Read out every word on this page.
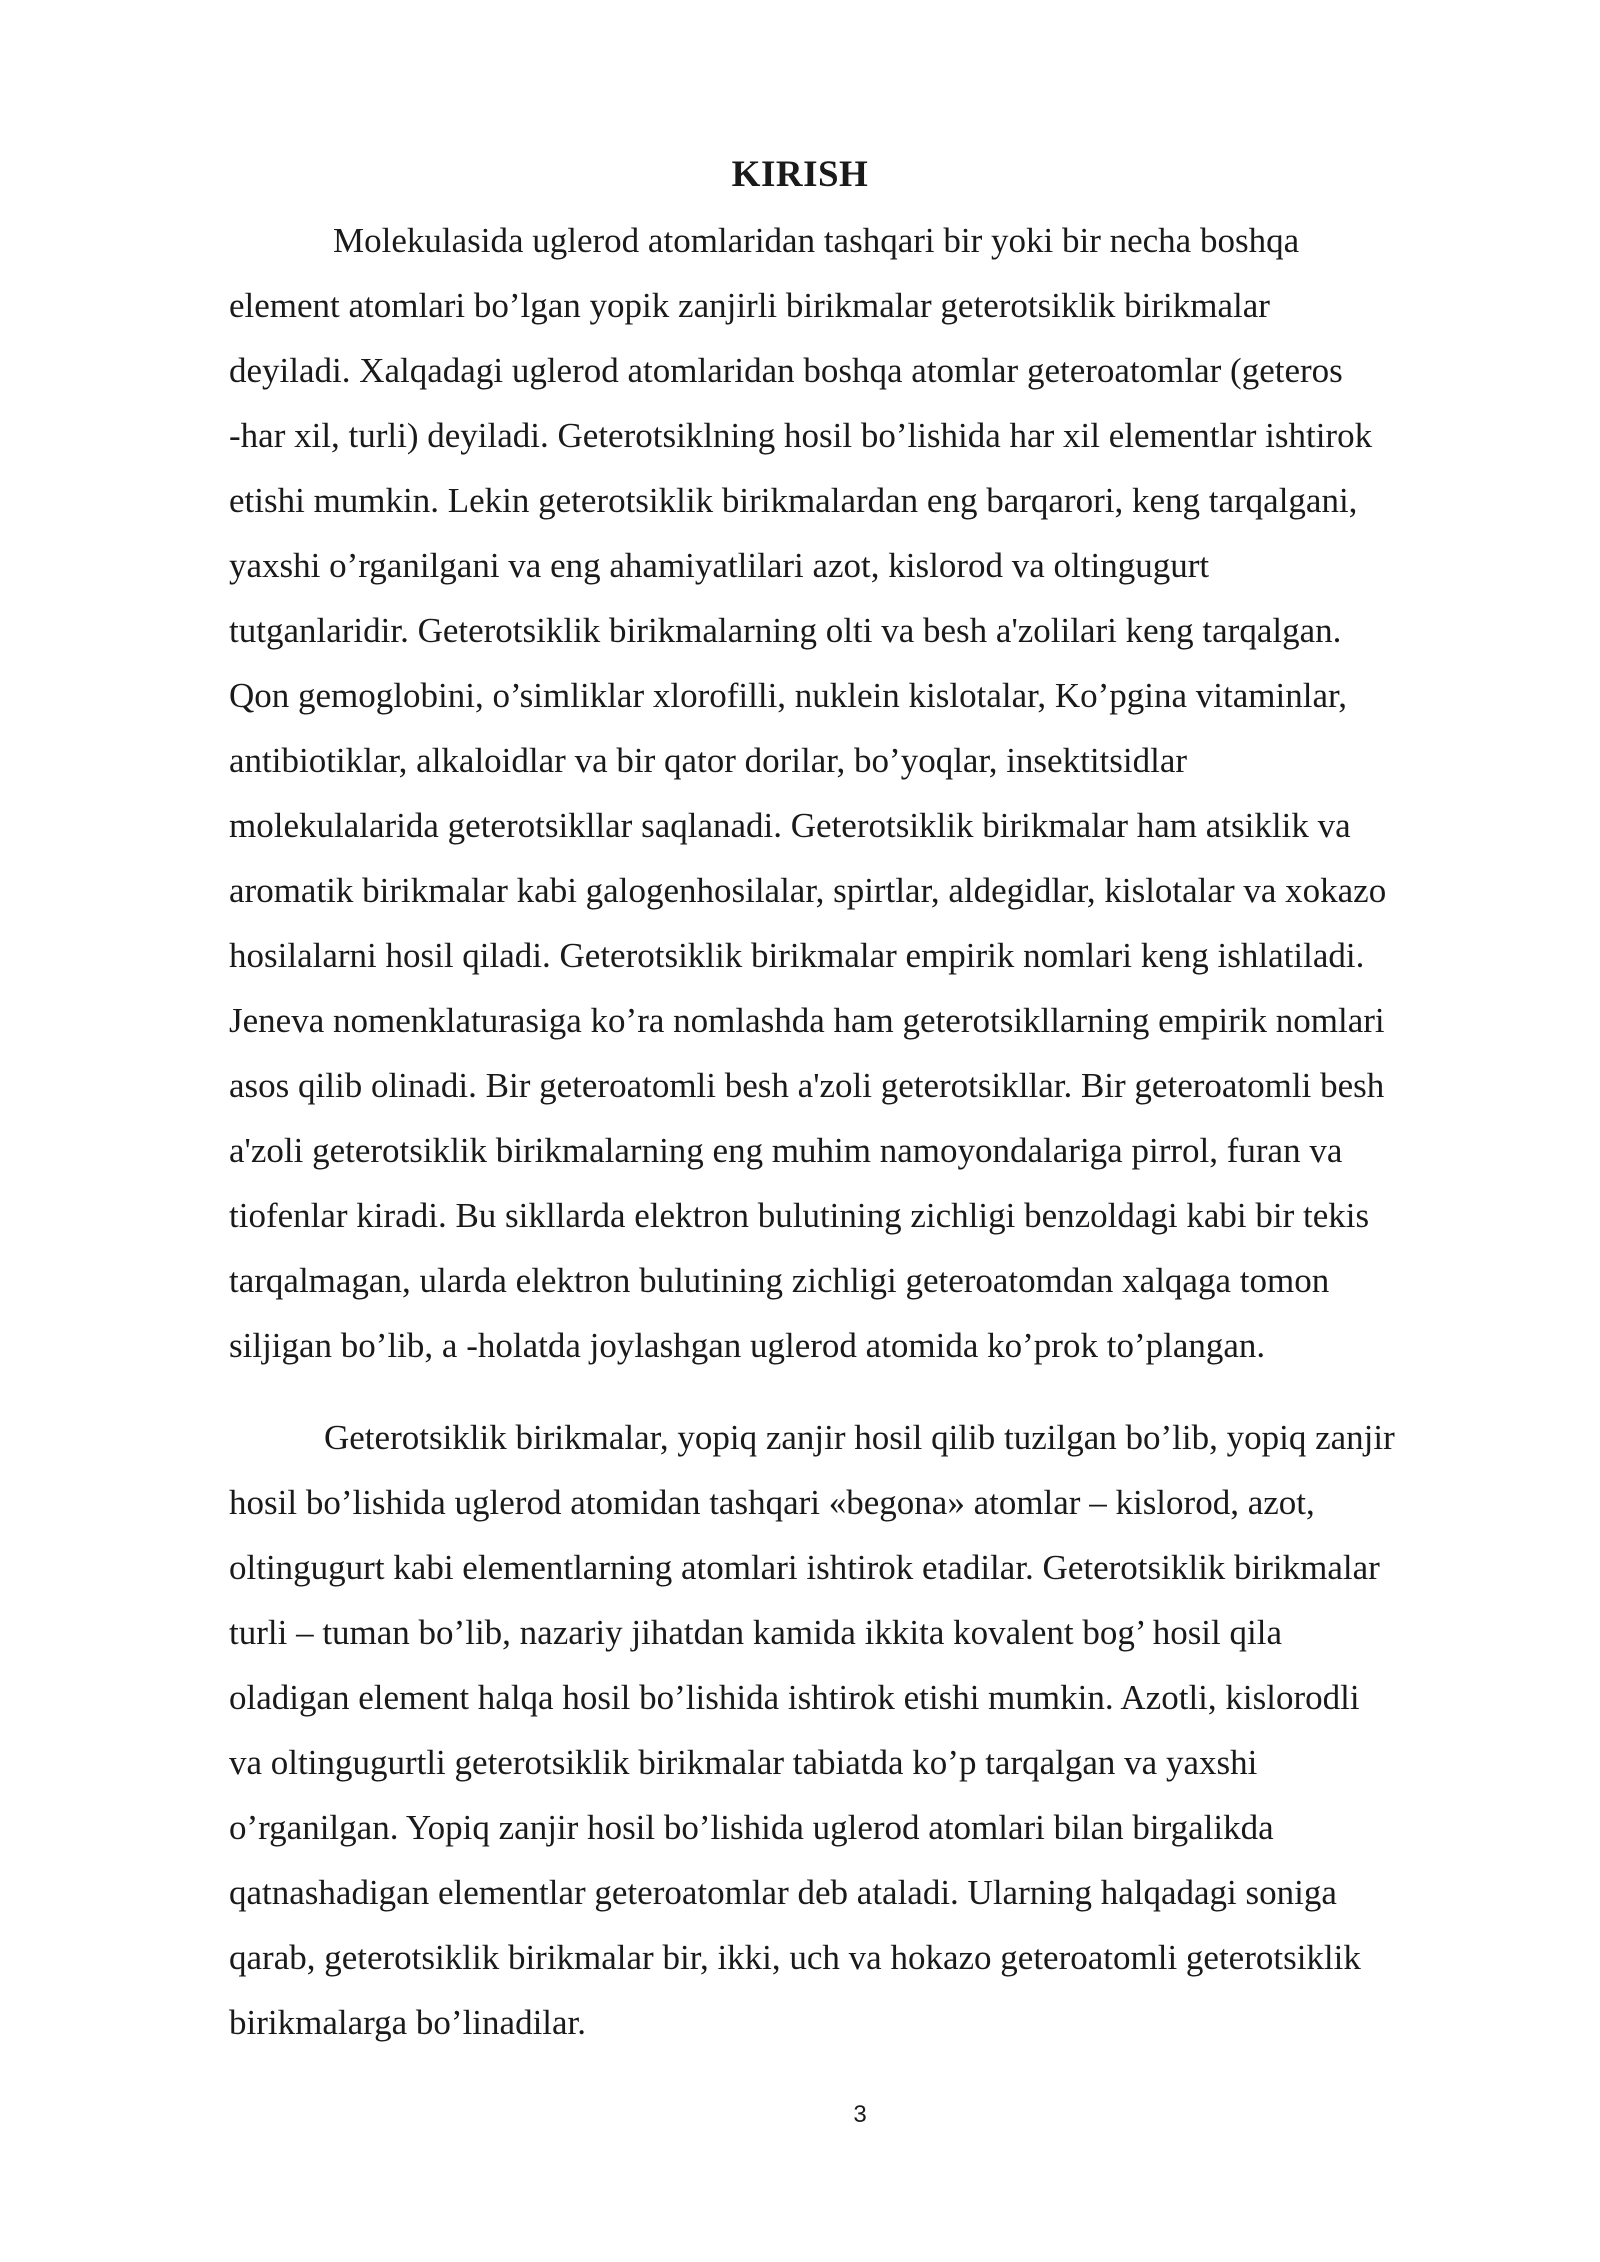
KIRISH
Molekulasida uglerod atomlaridan tashqari bir yoki bir necha boshqa
element atomlari bo’lgan yopik zanjirli birikmalar geterotsiklik birikmalar
deyiladi. Xalqadagi uglerod atomlaridan boshqa atomlar geteroatomlar (geteros
-har xil, turli) deyiladi. Geterotsiklning hosil bo’lishida har xil elementlar ishtirok
etishi mumkin. Lekin geterotsiklik birikmalardan eng barqarori, keng tarqalgani,
yaxshi o’rganilgani va eng ahamiyatlilari azot, kislorod va oltingugurt
tutganlaridir. Geterotsiklik birikmalarning olti va besh a'zolilari keng tarqalgan.
Qon gemoglobini, o’simliklar xlorofilli, nuklein kislotalar, Ko’pgina vitaminlar,
antibiotiklar, alkaloidlar va bir qator dorilar, bo’yoqlar, insektitsidlar
molekulalarida geterotsikllar saqlanadi. Geterotsiklik birikmalar ham atsiklik va
aromatik birikmalar kabi galogenhosilalar, spirtlar, aldegidlar, kislotalar va xokazo
hosilalarni hosil qiladi. Geterotsiklik birikmalar empirik nomlari keng ishlatiladi.
Jeneva nomenklaturasiga ko’ra nomlashda ham geterotsikllarning empirik nomlari
asos qilib olinadi. Bir geteroatomli besh a'zoli geterotsikllar. Bir geteroatomli besh
a'zoli geterotsiklik birikmalarning eng muhim namoyondalariga pirrol, furan va
tiofenlar kiradi. Bu sikllarda elektron bulutining zichligi benzoldagi kabi bir tekis
tarqalmagan, ularda elektron bulutining zichligi geteroatomdan xalqaga tomon
siljigan bo’lib, a -holatda joylashgan uglerod atomida ko’prok to’plangan.
Geterotsiklik birikmalar, yopiq zanjir hosil qilib tuzilgan bo’lib, yopiq zanjir
hosil bo’lishida uglerod atomidan tashqari «begona» atomlar – kislorod, azot,
oltingugurt kabi elementlarning atomlari ishtirok etadilar. Geterotsiklik birikmalar
turli – tuman bo’lib, nazariy jihatdan kamida ikkita kovalent bog’ hosil qila
oladigan element halqa hosil bo’lishida ishtirok etishi mumkin. Azotli, kislorodli
va oltingugurtli geterotsiklik birikmalar tabiatda ko’p tarqalgan va yaxshi
o’rganilgan. Yopiq zanjir hosil bo’lishida uglerod atomlari bilan birgalikda
qatnashadigan elementlar geteroatomlar deb ataladi. Ularning halqadagi soniga
qarab, geterotsiklik birikmalar bir, ikki, uch va hokazo geteroatomli geterotsiklik
birikmalarga bo’linadilar.
3
